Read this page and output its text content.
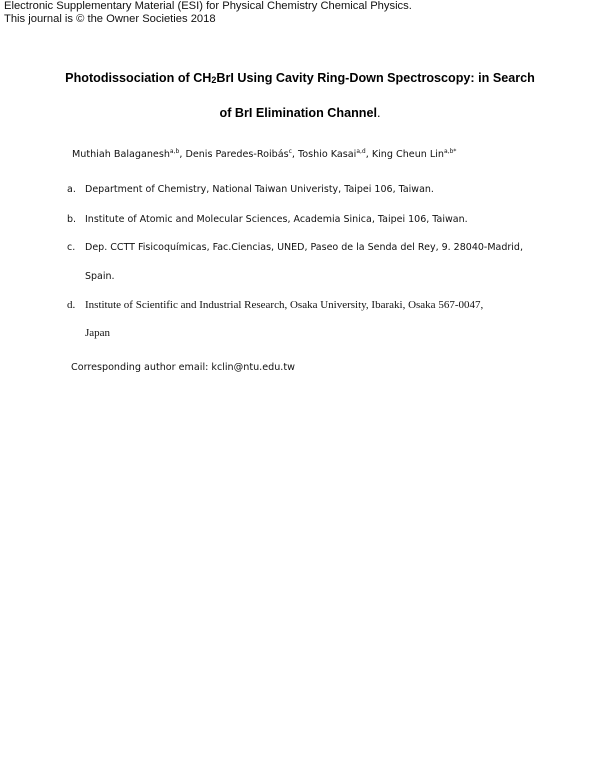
Electronic Supplementary Material (ESI) for Physical Chemistry Chemical Physics.
This journal is © the Owner Societies 2018
Photodissociation of CH2BrI Using Cavity Ring-Down Spectroscopy: in Search
of BrI Elimination Channel.
Muthiah Balaganesh$^{a,b}$, Denis Paredes-Roibás$^c$, Toshio Kasai$^{a,d}$, King Cheun Lin$^{a,b*}$
a. Department of Chemistry, National Taiwan Univeristy, Taipei 106, Taiwan.
b. Institute of Atomic and Molecular Sciences, Academia Sinica, Taipei 106, Taiwan.
c. Dep. CCTT Fisicoquímicas, Fac.Ciencias, UNED, Paseo de la Senda del Rey, 9. 28040-Madrid,
Spain.
d. Institute of Scientific and Industrial Research, Osaka University, Ibaraki, Osaka 567-0047,
Japan
Corresponding author email: kclin@ntu.edu.tw
